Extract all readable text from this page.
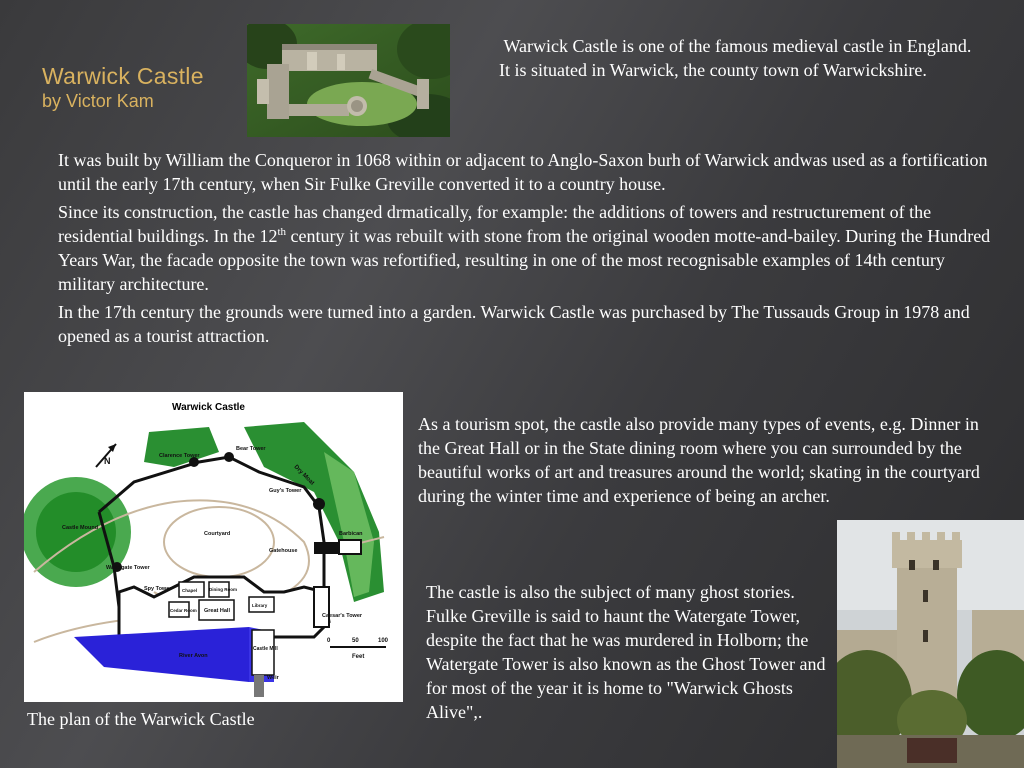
Warwick Castle
by Victor Kam

Warwick Castle is one of the famous medieval castle in England.

It is situated in Warwick, the county town of Warwickshire.

It was built by William the Conqueror in 1068 within or adjacent to Anglo-Saxon burh of Warwick andwas used as a fortification until the early 17th century, when Sir Fulke Greville converted it to a country house.

Since its construction, the castle has changed drmatically, for example: the additions of towers and restructurement of the residential buildings. In the 12th century it was rebuilt with stone from the original wooden motte-and-bailey. During the Hundred Years War, the facade opposite the town was refortified, resulting in one of the most recognisable examples of 14th century military architecture.

In the 17th century the grounds were turned into a garden. Warwick Castle was purchased by The Tussauds Group in 1978 and opened as a tourist attraction.

Warwick Castle
N
0	50	100
Feet
Clarence Tower
Bear Tower
Dry Moat
Guy's Tower
Castle Mound
Courtyard	Barbican
Gatehouse
Watergate Tower
Spy Tower Chapel	Dining Room
Cedar Room
Library
Great Hall
Caesar's Tower
River Avon
Castle Mill
Weir
As a tourism spot, the castle also provide many types of events, e.g. Dinner in the Great Hall or in the State dining room where you can surrounded by the beautiful works of art and treasures around the world; skating in the courtyard during the winter time and experience of being an archer.
The castle is also the subject of many ghost stories. Fulke Greville is said to haunt the Watergate Tower, despite the fact that he was murdered in Holborn; the Watergate Tower is also known as the Ghost Tower and for most of the year it is home to "Warwick Ghosts Alive",.
The plan of the Warwick Castle
